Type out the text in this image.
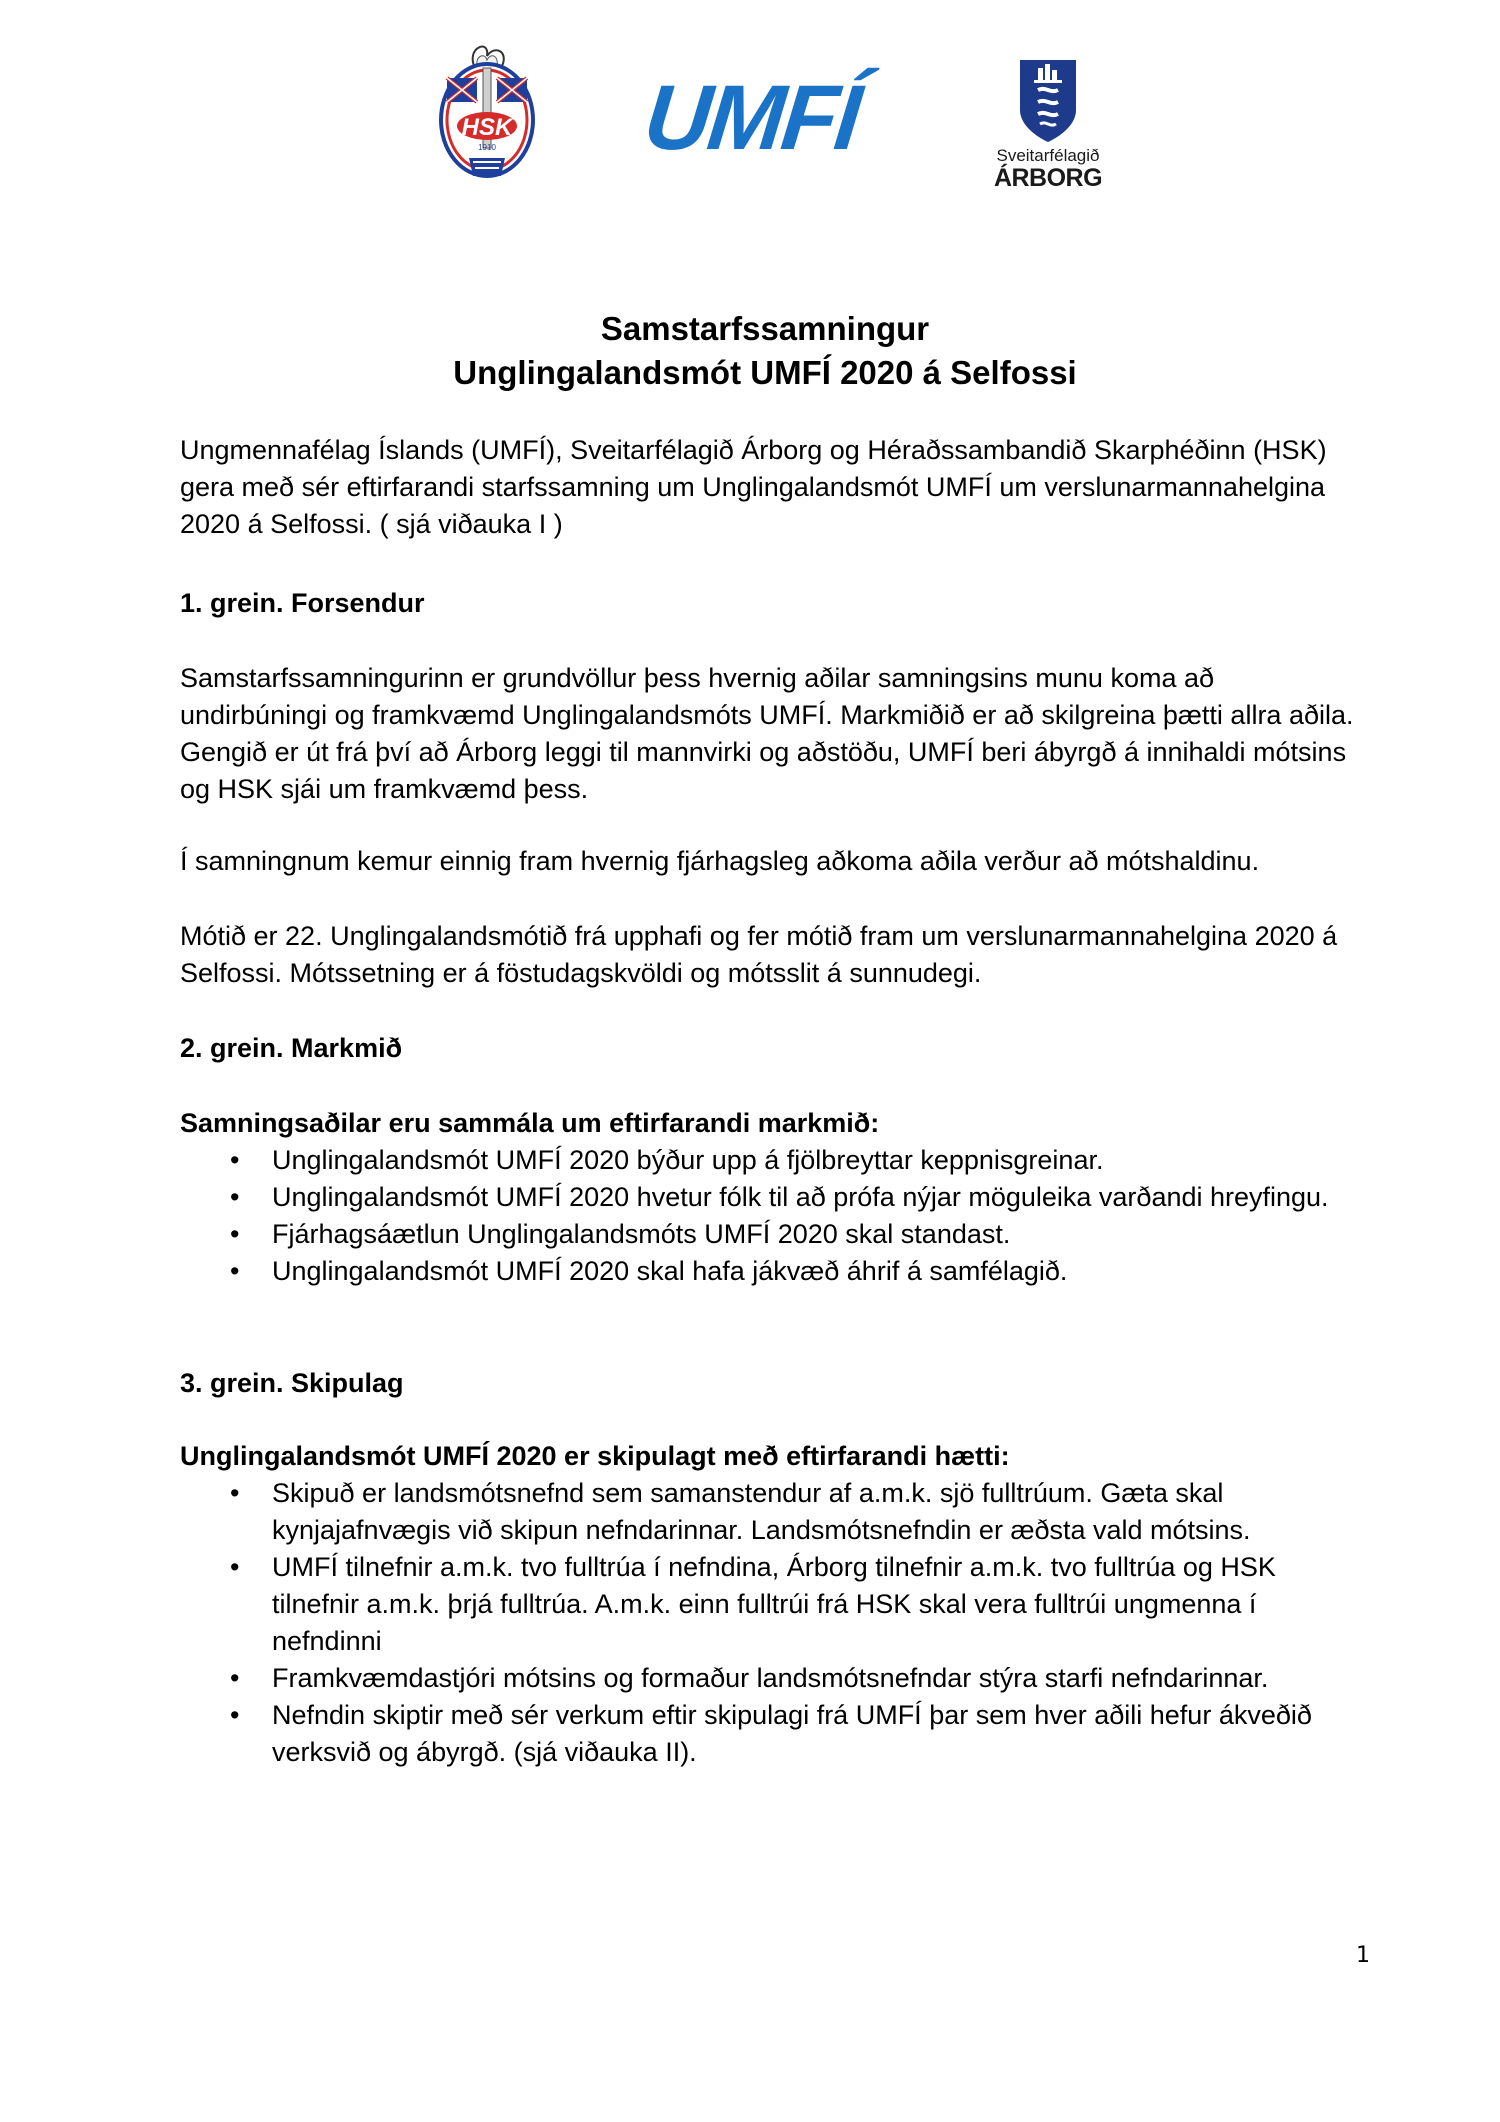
HSK
1910 UMFÍ	Sveitarfélagið
ÁRBORG
Samstarfssamningur
Unglingalandsmót UMFÍ 2020 á Selfossi
Ungmennafélag Íslands (UMFÍ), Sveitarfélagið Árborg og Héraðssambandið Skarphéðinn (HSK) gera með sér eftirfarandi starfssamning um Unglingalandsmót UMFÍ um verslunarmannahelgina 2020 á Selfossi. ( sjá viðauka I )
1. grein. Forsendur
Samstarfssamningurinn er grundvöllur þess hvernig aðilar samningsins munu koma að undirbúningi og framkvæmd Unglingalandsmóts UMFÍ. Markmiðið er að skilgreina þætti allra aðila. Gengið er út frá því að Árborg leggi til mannvirki og aðstöðu, UMFÍ beri ábyrgð á innihaldi mótsins og HSK sjái um framkvæmd þess.
Í samningnum kemur einnig fram hvernig fjárhagsleg aðkoma aðila verður að mótshaldinu.
Mótið er 22. Unglingalandsmótið frá upphafi og fer mótið fram um verslunarmannahelgina 2020 á Selfossi. Mótssetning er á föstudagskvöldi og mótsslit á sunnudegi.
2. grein. Markmið
Samningsaðilar eru sammála um eftirfarandi markmið:
• Unglingalandsmót UMFÍ 2020 býður upp á fjölbreyttar keppnisgreinar.
• Unglingalandsmót UMFÍ 2020 hvetur fólk til að prófa nýjar möguleika varðandi hreyfingu.
• Fjárhagsáætlun Unglingalandsmóts UMFÍ 2020 skal standast.
• Unglingalandsmót UMFÍ 2020 skal hafa jákvæð áhrif á samfélagið.
3. grein. Skipulag
Unglingalandsmót UMFÍ 2020 er skipulagt með eftirfarandi hætti:
• Skipuð er landsmótsnefnd sem samanstendur af a.m.k. sjö fulltrúum. Gæta skal kynjajafnvægis við skipun nefndarinnar. Landsmótsnefndin er æðsta vald mótsins.
• UMFÍ tilnefnir a.m.k. tvo fulltrúa í nefndina, Árborg tilnefnir a.m.k. tvo fulltrúa og HSK tilnefnir a.m.k. þrjá fulltrúa. A.m.k. einn fulltrúi frá HSK skal vera fulltrúi ungmenna í nefndinni
• Framkvæmdastjóri mótsins og formaður landsmótsnefndar stýra starfi nefndarinnar.
• Nefndin skiptir með sér verkum eftir skipulagi frá UMFÍ þar sem hver aðili hefur ákveðið verksvið og ábyrgð. (sjá viðauka II).
1
